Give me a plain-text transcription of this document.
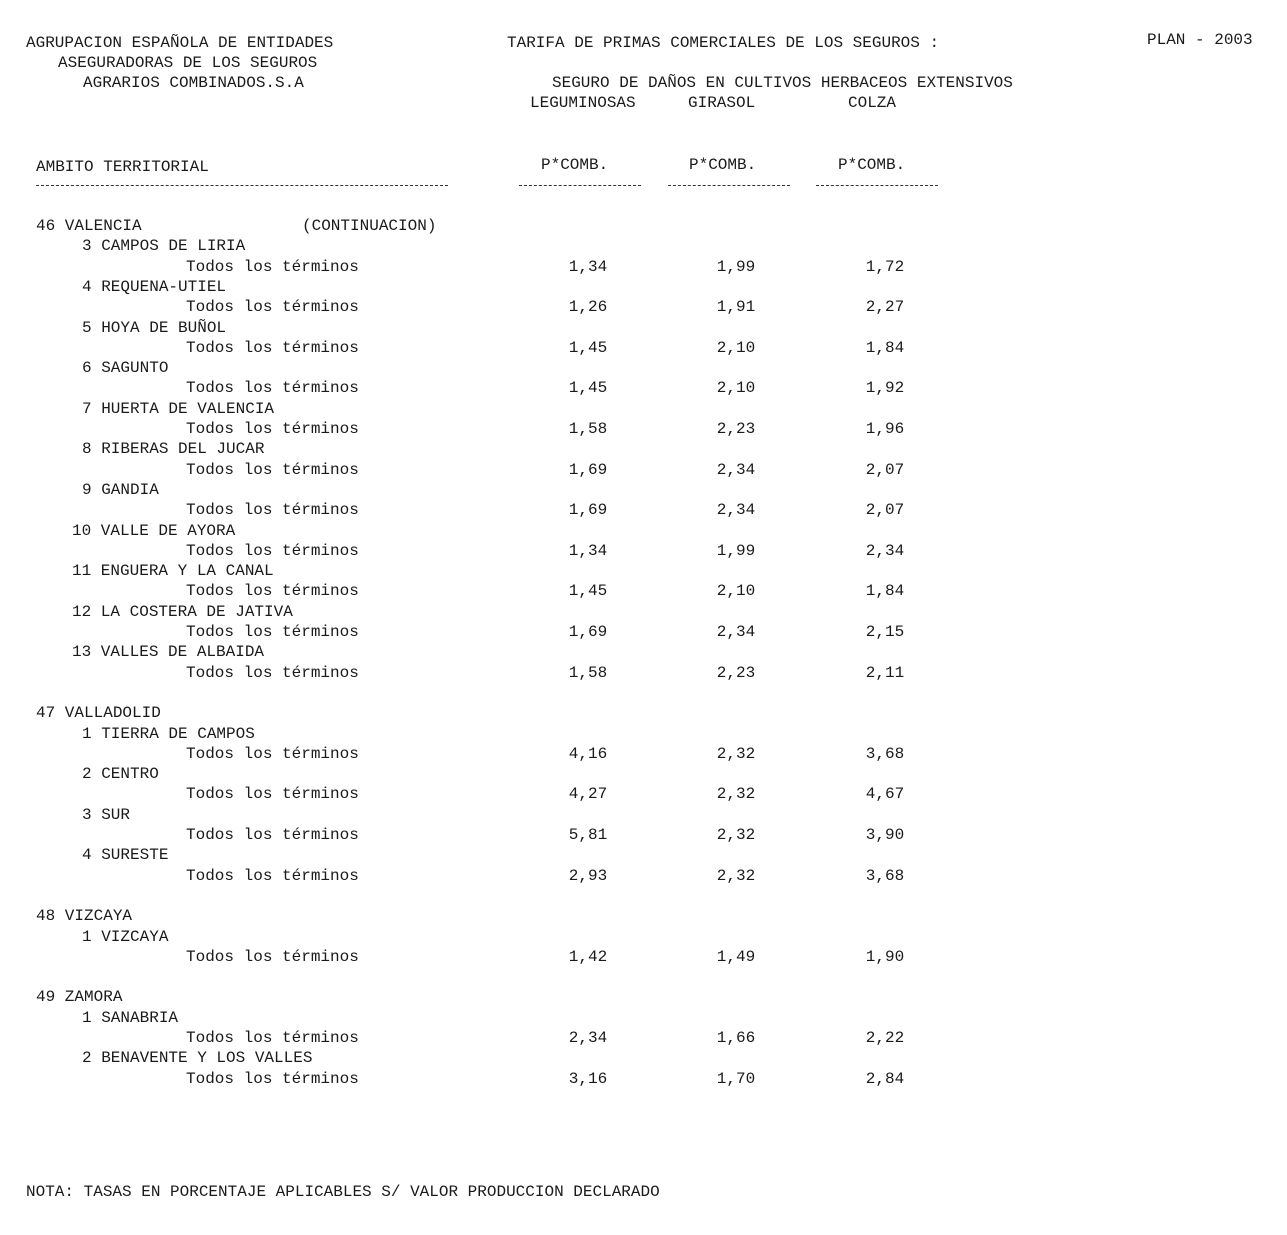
AGRUPACION ESPAÑOLA DE ENTIDADES
ASEGURADORAS DE LOS SEGUROS
AGRARIOS COMBINADOS.S.A
TARIFA DE PRIMAS COMERCIALES DE LOS SEGUROS :	PLAN - 2003
SEGURO DE DAÑOS EN CULTIVOS HERBACEOS EXTENSIVOS
LEGUMINOSAS	GIRASOL	COLZA
AMBITO TERRITORIAL	P*COMB.	P*COMB.	P*COMB.
46 VALENCIA	(CONTINUACION)
3 CAMPOS DE LIRIA
Todos los términos	1,34	1,99	1,72
4 REQUENA-UTIEL
Todos los términos	1,26	1,91	2,27
5 HOYA DE BUÑOL
Todos los términos	1,45	2,10	1,84
6 SAGUNTO
Todos los términos	1,45	2,10	1,92
7 HUERTA DE VALENCIA
Todos los términos	1,58	2,23	1,96
8 RIBERAS DEL JUCAR
Todos los términos	1,69	2,34	2,07
9 GANDIA
Todos los términos	1,69	2,34	2,07
10 VALLE DE AYORA
Todos los términos	1,34	1,99	2,34
11 ENGUERA Y LA CANAL
Todos los términos	1,45	2,10	1,84
12 LA COSTERA DE JATIVA
Todos los términos	1,69	2,34	2,15
13 VALLES DE ALBAIDA
Todos los términos	1,58	2,23	2,11
47 VALLADOLID
1 TIERRA DE CAMPOS
Todos los términos	4,16	2,32	3,68
2 CENTRO
Todos los términos	4,27	2,32	4,67
3 SUR
Todos los términos	5,81	2,32	3,90
4 SURESTE
Todos los términos	2,93	2,32	3,68
48 VIZCAYA
1 VIZCAYA
Todos los términos	1,42	1,49	1,90
49 ZAMORA
1 SANABRIA
Todos los términos	2,34	1,66	2,22
2 BENAVENTE Y LOS VALLES
Todos los términos	3,16	1,70	2,84
NOTA: TASAS EN PORCENTAJE APLICABLES S/ VALOR PRODUCCION DECLARADO
